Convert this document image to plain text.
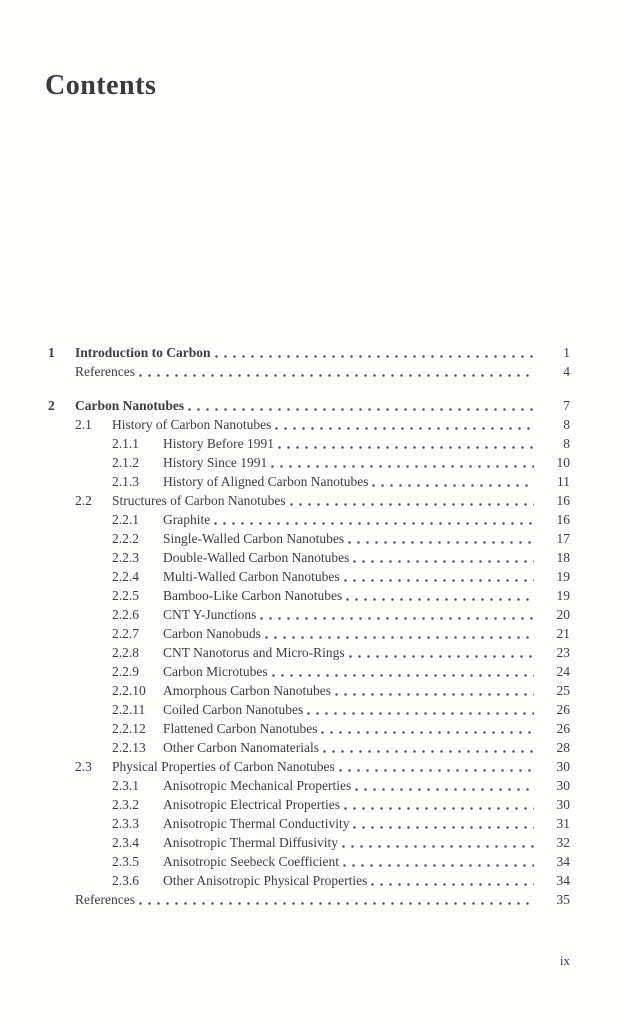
Contents
1	Introduction to Carbon	1
References	4
2	Carbon Nanotubes	7
2.1	History of Carbon Nanotubes	8
2.1.1	History Before 1991	8
2.1.2	History Since 1991	10
2.1.3	History of Aligned Carbon Nanotubes	11
2.2	Structures of Carbon Nanotubes	16
2.2.1	Graphite	16
2.2.2	Single-Walled Carbon Nanotubes	17
2.2.3	Double-Walled Carbon Nanotubes	18
2.2.4	Multi-Walled Carbon Nanotubes	19
2.2.5	Bamboo-Like Carbon Nanotubes	19
2.2.6	CNT Y-Junctions	20
2.2.7	Carbon Nanobuds	21
2.2.8	CNT Nanotorus and Micro-Rings	23
2.2.9	Carbon Microtubes	24
2.2.10	Amorphous Carbon Nanotubes	25
2.2.11	Coiled Carbon Nanotubes	26
2.2.12	Flattened Carbon Nanotubes	26
2.2.13	Other Carbon Nanomaterials	28
2.3	Physical Properties of Carbon Nanotubes	30
2.3.1	Anisotropic Mechanical Properties	30
2.3.2	Anisotropic Electrical Properties	30
2.3.3	Anisotropic Thermal Conductivity	31
2.3.4	Anisotropic Thermal Diffusivity	32
2.3.5	Anisotropic Seebeck Coefficient	34
2.3.6	Other Anisotropic Physical Properties	34
References	35
ix
